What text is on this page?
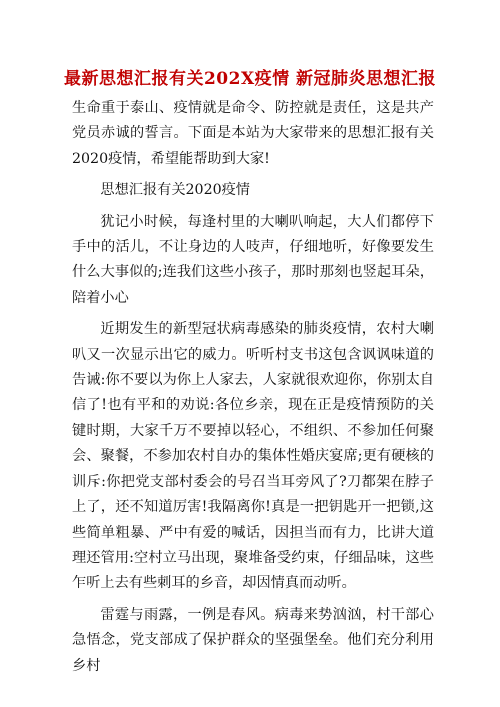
最新思想汇报有关202X疫情 新冠肺炎思想汇报

生命重于泰山、疫情就是命令、防控就是责任，这是共产党员赤诚的誓言。下面是本站为大家带来的思想汇报有关2020疫情，希望能帮助到大家!

思想汇报有关2020疫情

犹记小时候，每逢村里的大喇叭响起，大人们都停下手中的活儿，不让身边的人吱声，仔细地听，好像要发生什么大事似的;连我们这些小孩子，那时那刻也竖起耳朵，陪着小心

近期发生的新型冠状病毒感染的肺炎疫情，农村大喇叭又一次显示出它的威力。听听村支书这包含讽讽味道的告诫:你不要以为你上人家去，人家就很欢迎你，你别太自信了!也有平和的劝说:各位乡亲，现在正是疫情预防的关键时期，大家千万不要掉以轻心，不组织、不参加任何聚会、聚餐，不参加农村自办的集体性婚庆宴席;更有硬核的训斥:你把党支部村委会的号召当耳旁风了?刀都架在脖子上了，还不知道厉害!我隔离你!真是一把钥匙开一把锁,这些简单粗暴、严中有爱的喊话，因担当而有力，比讲大道理还管用:空村立马出现，聚堆备受约束，仔细品味，这些乍听上去有些刺耳的乡音，却因情真而动听。

雷霆与雨露，一例是春风。病毒来势汹汹，村干部心急悟念，党支部成了保护群众的坚强堡垒。他们充分利用乡村
